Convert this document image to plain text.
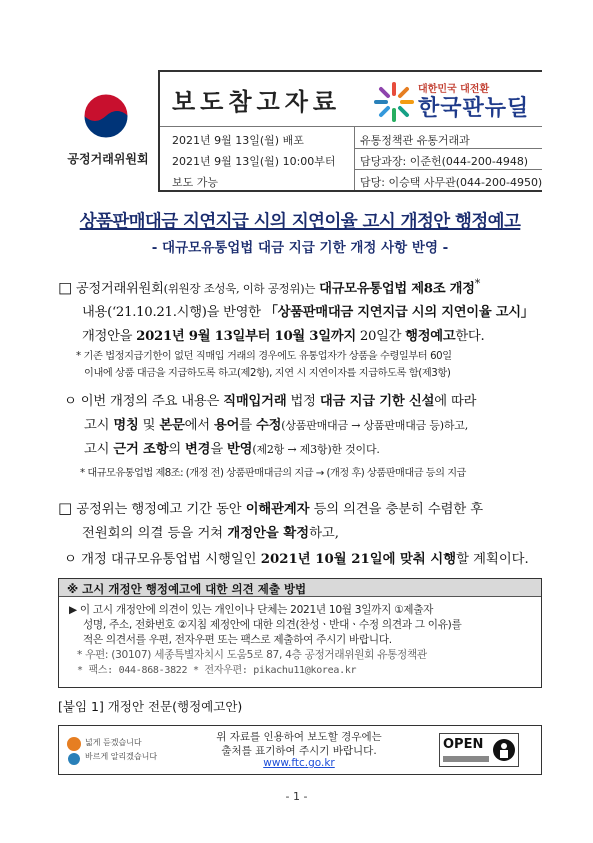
공정거래위원회
보도참고자료	대한민국 대전환
한국판뉴딜
2021년 9월 13일(월) 배포	유통정책관 유통거래과
2021년 9월 13일(월) 10:00부터 담당과장: 이준헌(044-200-4948)
보도 가능	담당: 이승택 사무관(044-200-4950)
상품판매대금 지연지급 시의 지연이율 고시 개정안 행정예고
- 대규모유통업법 대금 지급 기한 개정 사항 반영 -
□ 공정거래위원회(위원장 조성욱, 이하 공정위)는 대규모유통업법 제8조 개정*
내용(‘21.10.21.시행)을 반영한 「상품판매대금 지연지급 시의 지연이율 고시」
개정안을 2021년 9월 13일부터 10월 3일까지 20일간 행정예고한다.
* 기존 법정지급기한이 없던 직매입 거래의 경우에도 유통업자가 상품을 수령일부터 60일
이내에 상품 대금을 지급하도록 하고(제2항), 지연 시 지연이자를 지급하도록 함(제3항)
ㅇ 이번 개정의 주요 내용은 직매입거래 법정 대금 지급 기한 신설에 따라
고시 명칭 및 본문에서 용어를 수정(상품판매대금 → 상품판매대금 등)하고,
고시 근거 조항의 변경을 반영(제2항 → 제3항)한 것이다.
* 대규모유통업법 제8조: (개정 전) 상품판매대금의 지급 → (개정 후) 상품판매대금 등의 지급
□ 공정위는 행정예고 기간 동안 이해관계자 등의 의견을 충분히 수렴한 후
전원회의 의결 등을 거쳐 개정안을 확정하고,
ㅇ 개정 대규모유통업법 시행일인 2021년 10월 21일에 맞춰 시행할 계획이다.
※ 고시 개정안 행정예고에 대한 의견 제출 방법
▶ 이 고시 개정안에 의견이 있는 개인이나 단체는 2021년 10월 3일까지 ①제출자
성명, 주소, 전화번호 ②지침 제정안에 대한 의견(찬성ㆍ반대ㆍ수정 의견과 그 이유)를
적은 의견서를 우편, 전자우편 또는 팩스로 제출하여 주시기 바랍니다.
* 우편: (30107) 세종특별자치시 도움5로 87, 4층 공정거래위원회 유통정책관
* 팩스: 044-868-3822 * 전자우편: pikachu11@korea.kr
[붙임 1] 개정안 전문(행정예고안)
넓게 듣겠습니다
바르게 알리겠습니다
위 자료를 인용하여 보도할 경우에는
출처를 표기하여 주시기 바랍니다.
www.ftc.go.kr
OPEN
- 1 -
